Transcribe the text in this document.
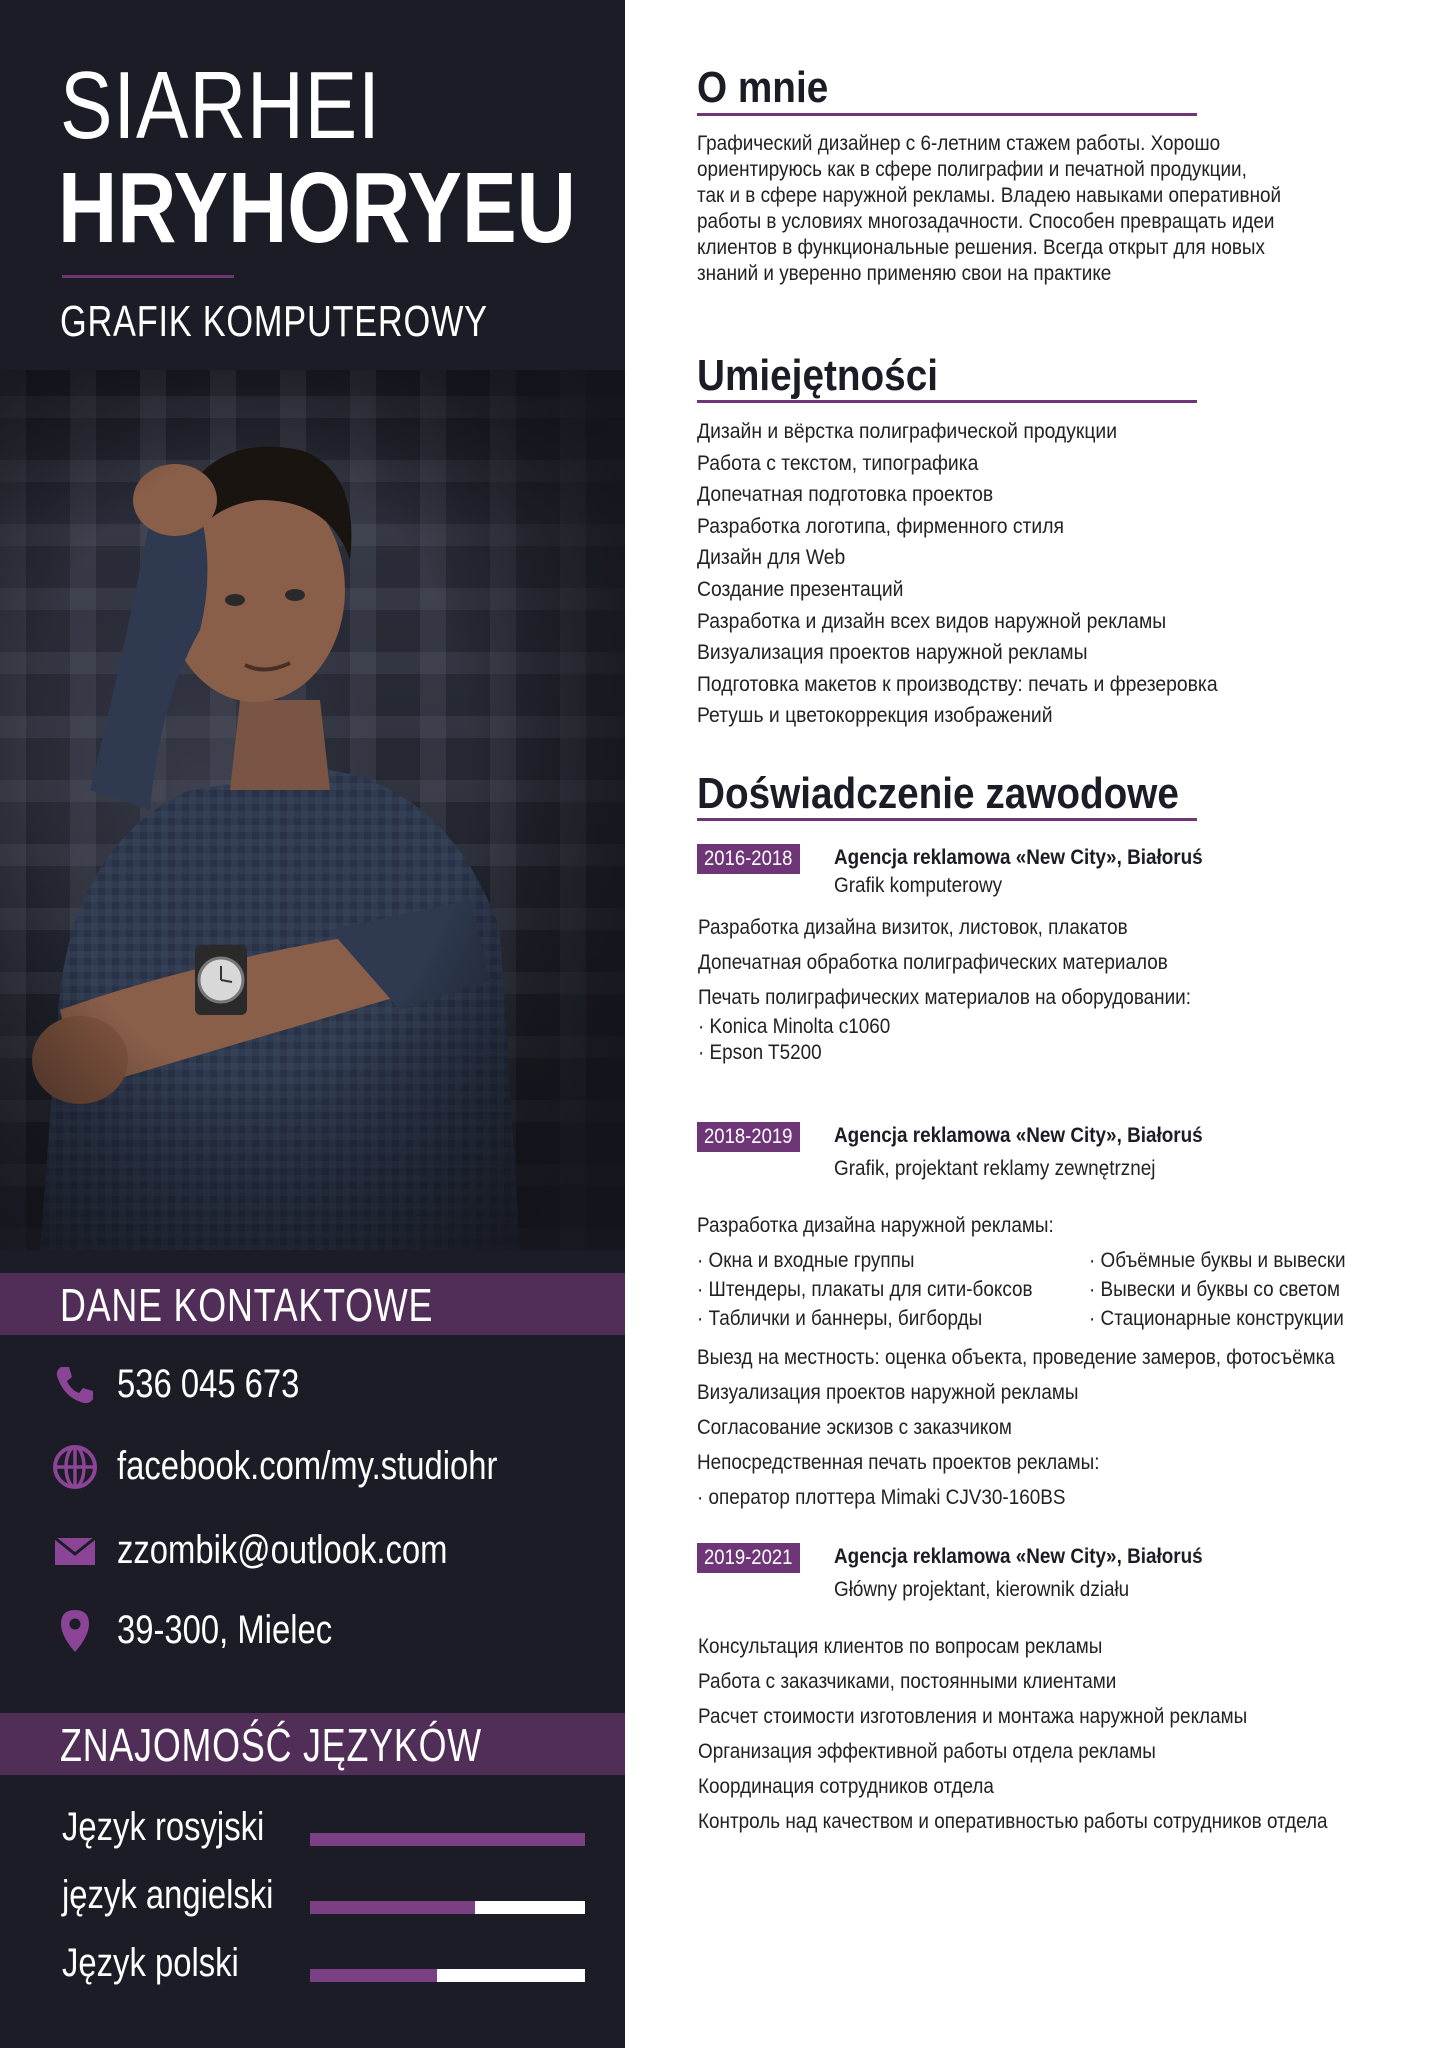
SIARHEI
HRYHORYEU
GRAFIK KOMPUTEROWY
DANE KONTAKTOWE
536 045 673
facebook.com/my.studiohr
zzombik@outlook.com
39-300, Mielec
ZNAJOMOŚĆ JĘZYKÓW
Język rosyjski
język angielski
Język polski
O mnie
Графический дизайнер с 6-летним стажем работы. Хорошо
ориентируюсь как в сфере полиграфии и печатной продукции,
так и в сфере наружной рекламы. Владею навыками оперативной
работы в условиях многозадачности. Способен превращать идеи
клиентов в функциональные решения. Всегда открыт для новых
знаний и уверенно применяю свои на практике
Umiejętności
Дизайн и вёрстка полиграфической продукции
Работа с текстом, типографика
Допечатная подготовка проектов
Разработка логотипа, фирменного стиля
Дизайн для Web
Создание презентаций
Разработка и дизайн всех видов наружной рекламы
Визуализация проектов наружной рекламы
Подготовка макетов к производству: печать и фрезеровка
Ретушь и цветокоррекция изображений
Doświadczenie zawodowe
2016-2018	Agencja reklamowa «New City», Białoruś
Grafik komputerowy
Разработка дизайна визиток, листовок, плакатов
Допечатная обработка полиграфических материалов
Печать полиграфических материалов на оборудовании:
· Konica Minolta c1060
· Epson T5200
2018-2019	Agencja reklamowa «New City», Białoruś
Grafik, projektant reklamy zewnętrznej
Разработка дизайна наружной рекламы:
· Окна и входные группы
· Штендеры, плакаты для сити-боксов
· Таблички и баннеры, бигборды
· Объёмные буквы и вывески
· Вывески и буквы со светом
· Стационарные конструкции
Выезд на местность: оценка объекта, проведение замеров, фотосъёмка
Визуализация проектов наружной рекламы
Согласование эскизов с заказчиком
Непосредственная печать проектов рекламы:
· оператор плоттера Mimaki CJV30-160BS
2019-2021	Agencja reklamowa «New City», Białoruś
Główny projektant, kierownik działu
Консультация клиентов по вопросам рекламы
Работа с заказчиками, постоянными клиентами
Расчет стоимости изготовления и монтажа наружной рекламы
Организация эффективной работы отдела рекламы
Координация сотрудников отдела
Контроль над качеством и оперативностью работы сотрудников отдела
